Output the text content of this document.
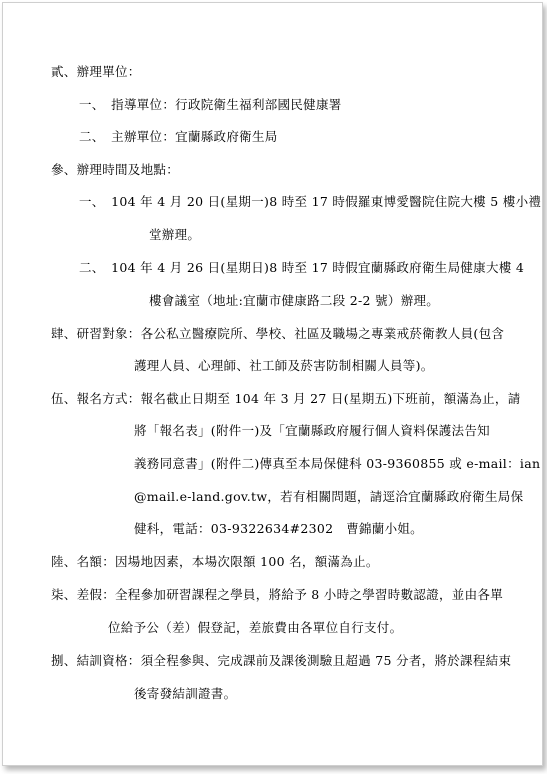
貳、辦理單位：
一、　指導單位：行政院衛生福利部國民健康署
二、　主辦單位：宜蘭縣政府衛生局
參、辦理時間及地點：
一、　104 年 4 月 20 日(星期一)8 時至 17 時假羅東博愛醫院住院大樓 5 樓小禮
堂辦理。
二、　104 年 4 月 26 日(星期日)8 時至 17 時假宜蘭縣政府衛生局健康大樓 4
樓會議室（地址:宜蘭市健康路二段 2-2 號）辦理。
肆、研習對象：各公私立醫療院所、學校、社區及職場之專業戒菸衛教人員(包含
護理人員、心理師、社工師及菸害防制相關人員等)。
伍、報名方式：報名截止日期至 104 年 3 月 27 日(星期五)下班前，額滿為止，請
將「報名表」(附件一)及「宜蘭縣政府履行個人資料保護法告知
義務同意書」(附件二)傳真至本局保健科 03-9360855 或 e-mail：ian
@mail.e-land.gov.tw，若有相關問題，請逕洽宜蘭縣政府衛生局保
健科，電話：03-9322634#2302　曹錦蘭小姐。
陸、名額：因場地因素，本場次限額 100 名，額滿為止。
柒、差假：全程參加研習課程之學員，將給予 8 小時之學習時數認證，並由各單
位給予公（差）假登記，差旅費由各單位自行支付。
捌、結訓資格：須全程參與、完成課前及課後測驗且超過 75 分者，將於課程結束
後寄發結訓證書。
